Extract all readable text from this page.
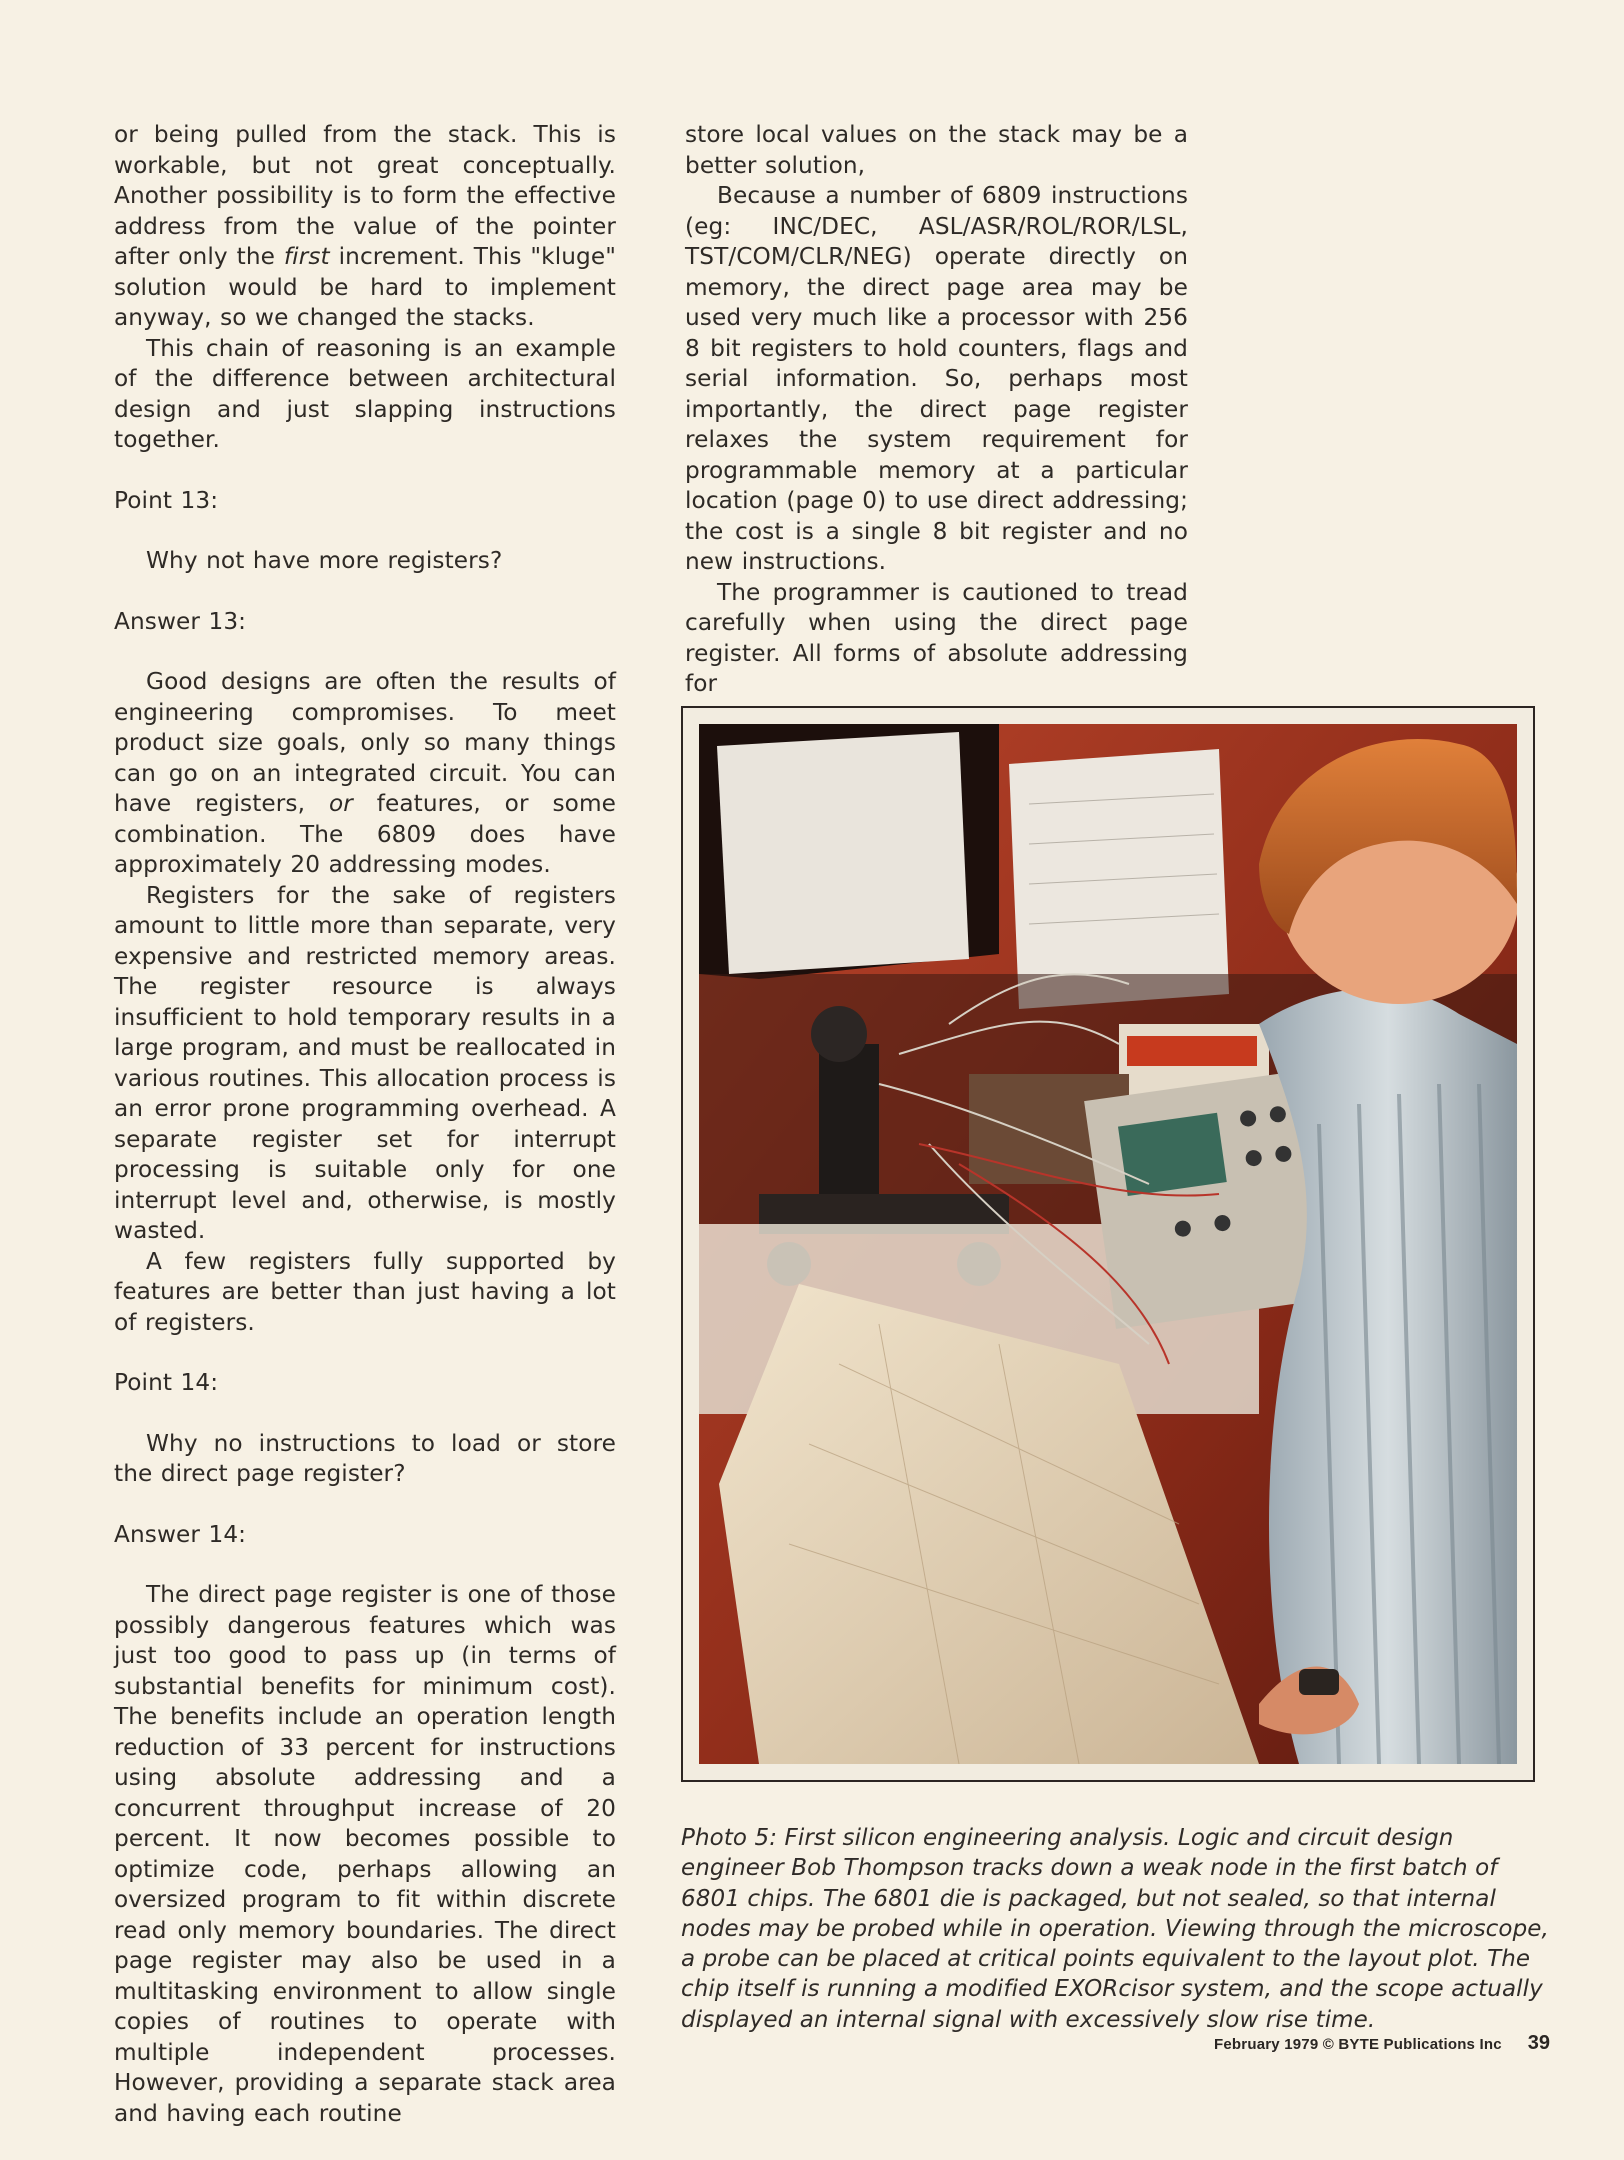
or being pulled from the stack. This is workable, but not great conceptually. Another possibility is to form the effective address from the value of the pointer after only the first increment. This "kluge" solution would be hard to implement anyway, so we changed the stacks.

This chain of reasoning is an example of the difference between architectural design and just slapping instructions together.

Point 13:
Why not have more registers?
Answer 13:

Good designs are often the results of engineering compromises. To meet product size goals, only so many things can go on an integrated circuit. You can have registers, or features, or some combination. The 6809 does have approximately 20 addressing modes.

Registers for the sake of registers amount to little more than separate, very expensive and restricted memory areas. The register resource is always insufficient to hold temporary results in a large program, and must be reallocated in various routines. This allocation process is an error prone programming overhead. A separate register set for interrupt processing is suitable only for one interrupt level and, otherwise, is mostly wasted.

A few registers fully supported by features are better than just having a lot of registers.

Point 14:

Why no instructions to load or store the direct page register?

Answer 14:

The direct page register is one of those possibly dangerous features which was just too good to pass up (in terms of substantial benefits for minimum cost). The benefits include an operation length reduction of 33 percent for instructions using absolute addressing and a concurrent throughput increase of 20 percent. It now becomes possible to optimize code, perhaps allowing an oversized program to fit within discrete read only memory boundaries. The direct page register may also be used in a multitasking environment to allow single copies of routines to operate with multiple independent processes. However, providing a separate stack area and having each routine

store local values on the stack may be a better solution,

Because a number of 6809 instructions (eg: INC/DEC, ASL/ASR/ROL/ROR/LSL, TST/COM/CLR/NEG) operate directly on memory, the direct page area may be used very much like a processor with 256 8 bit registers to hold counters, flags and serial information. So, perhaps most importantly, the direct page register relaxes the system requirement for programmable memory at a particular location (page 0) to use direct addressing; the cost is a single 8 bit register and no new instructions.

The programmer is cautioned to tread carefully when using the direct page register. All forms of absolute addressing for

Photo 5: First silicon engineering analysis. Logic and circuit design engineer Bob Thompson tracks down a weak node in the first batch of 6801 chips. The 6801 die is packaged, but not sealed, so that internal nodes may be probed while in operation. Viewing through the microscope, a probe can be placed at critical points equivalent to the layout plot. The chip itself is running a modified EXORcisor system, and the scope actually displayed an internal signal with excessively slow rise time.
February 1979 © BYTE Publications Inc 39
